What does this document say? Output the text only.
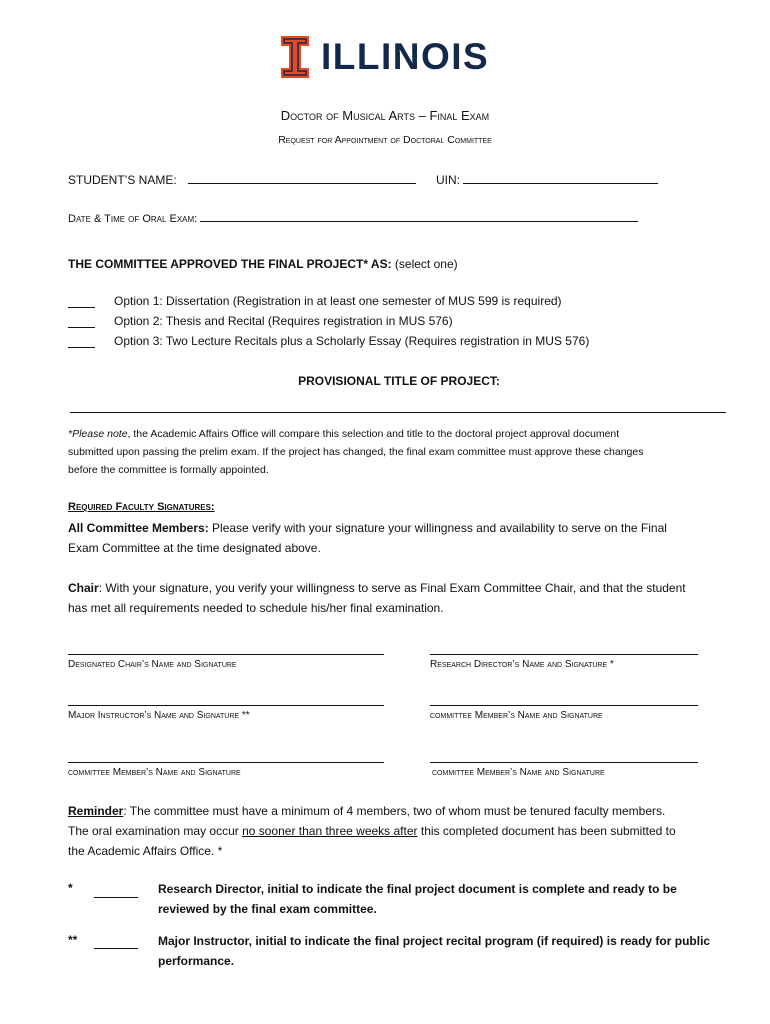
ILLINOIS
Doctor of Musical Arts – Final Exam
Request for Appointment of Doctoral Committee
STUDENT’S NAME:	UIN:
Date & Time of Oral Exam:
THE COMMITTEE APPROVED THE FINAL PROJECT* AS: (select one)
Option 1: Dissertation (Registration in at least one semester of MUS 599 is required)
Option 2: Thesis and Recital (Requires registration in MUS 576)
Option 3: Two Lecture Recitals plus a Scholarly Essay (Requires registration in MUS 576)
PROVISIONAL TITLE OF PROJECT:
*Please note, the Academic Affairs Office will compare this selection and title to the doctoral project approval document
submitted upon passing the prelim exam. If the project has changed, the final exam committee must approve these changes
before the committee is formally appointed.
Required Faculty Signatures:
All Committee Members: Please verify with your signature your willingness and availability to serve on the Final
Exam Committee at the time designated above.
Chair: With your signature, you verify your willingness to serve as Final Exam Committee Chair, and that the student
has met all requirements needed to schedule his/her final examination.
Designated Chair’s Name and Signature	Research Director’s Name and Signature *
Major Instructor’s Name and Signature **	committee Member’s Name and Signature
committee Member’s Name and Signature	committee Member’s Name and Signature
Reminder: The committee must have a minimum of 4 members, two of whom must be tenured faculty members.
The oral examination may occur no sooner than three weeks after this completed document has been submitted to
the Academic Affairs Office. *
*	Research Director, initial to indicate the final project document is complete and ready to be
reviewed by the final exam committee.
**	Major Instructor, initial to indicate the final project recital program (if required) is ready for public
performance.
